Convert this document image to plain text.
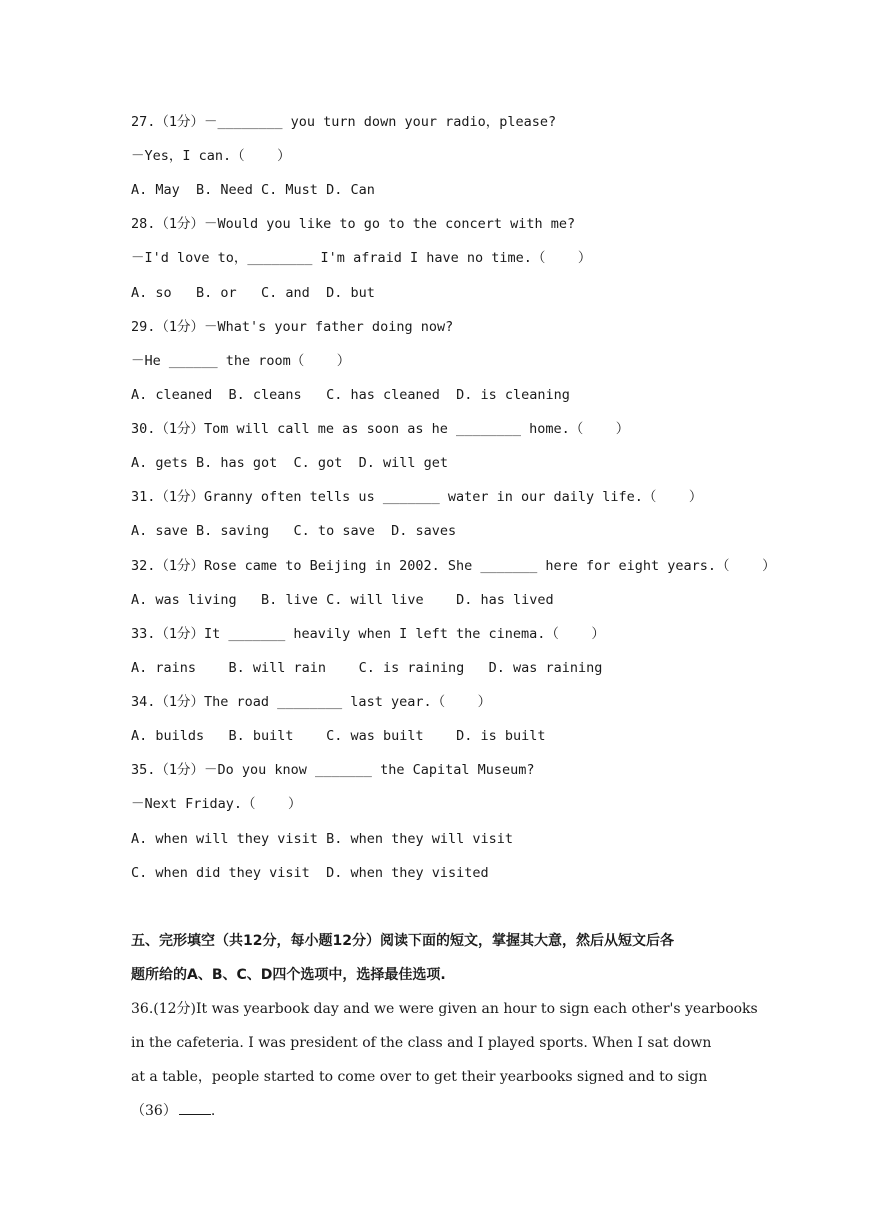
27.（1分）－________ you turn down your radio，please?
－Yes，I can.（    ）
A. May  B. Need C. Must D. Can
28.（1分）－Would you like to go to the concert with me?
－I'd love to，________ I'm afraid I have no time.（    ）
A. so   B. or   C. and  D. but
29.（1分）－What's your father doing now?
－He ______ the room（    ）
A. cleaned  B. cleans   C. has cleaned  D. is cleaning
30.（1分）Tom will call me as soon as he ________ home.（    ）
A. gets B. has got  C. got  D. will get
31.（1分）Granny often tells us _______ water in our daily life.（    ）
A. save B. saving   C. to save  D. saves
32.（1分）Rose came to Beijing in 2002. She _______ here for eight years.（    ）
A. was living   B. live C. will live    D. has lived
33.（1分）It _______ heavily when I left the cinema.（    ）
A. rains    B. will rain    C. is raining   D. was raining
34.（1分）The road ________ last year.（    ）
A. builds   B. built    C. was built    D. is built
35.（1分）－Do you know _______ the Capital Museum?
－Next Friday.（    ）
A. when will they visit B. when they will visit
C. when did they visit  D. when they visited
五、完形填空（共12分，每小题12分）阅读下面的短文，掌握其大意，然后从短文后各
题所给的A、B、C、D四个选项中，选择最佳选项.
36.(12分)It was yearbook day and we were given an hour to sign each other's yearbooks
in the cafeteria. I was president of the class and I played sports. When I sat down
at a table，people started to come over to get their yearbooks signed and to sign
（36） .
